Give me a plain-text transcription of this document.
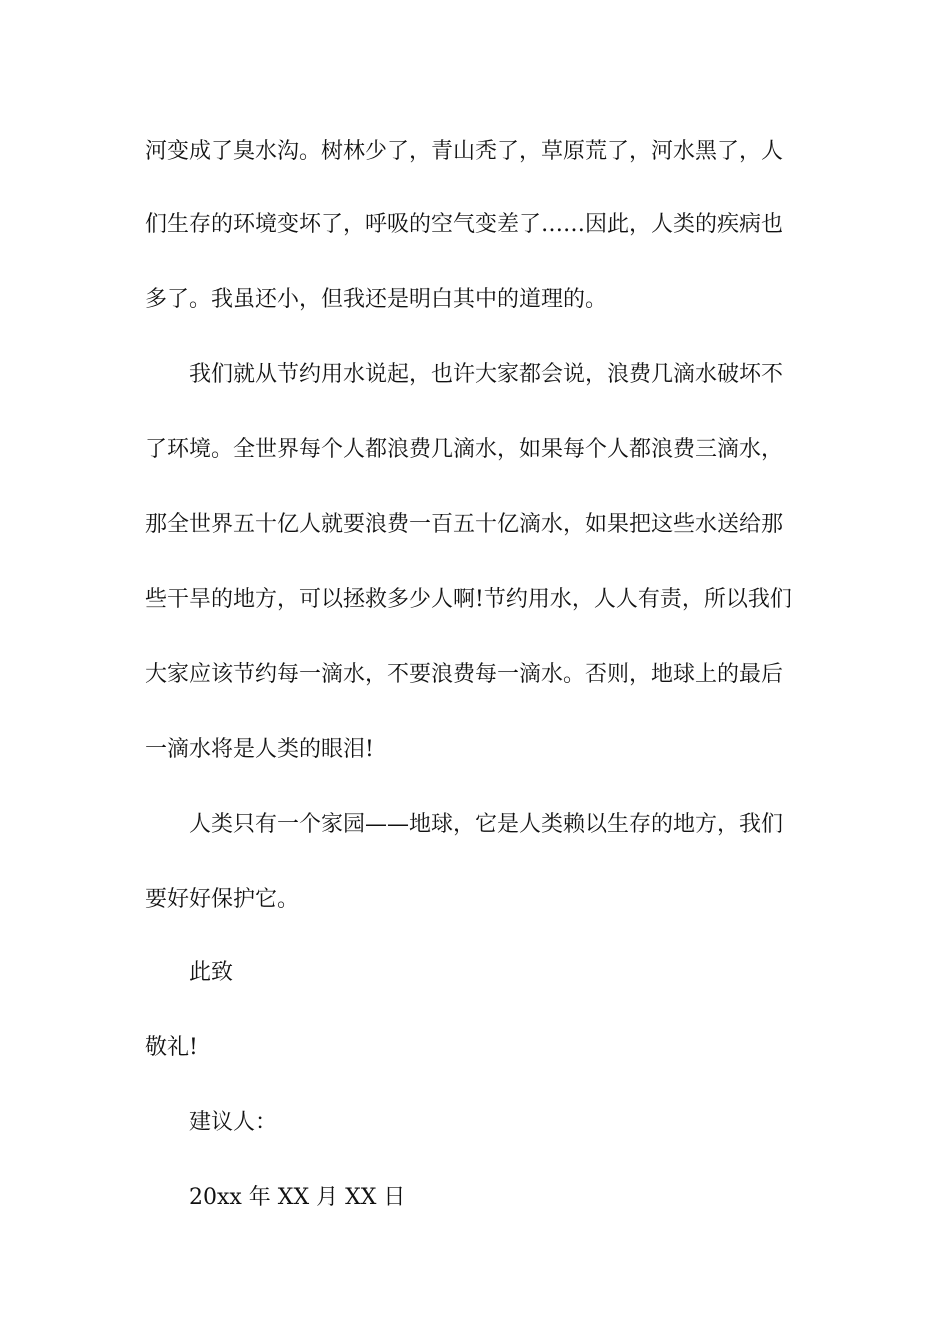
河变成了臭水沟。树林少了，青山秃了，草原荒了，河水黑了，人
们生存的环境变坏了，呼吸的空气变差了……因此，人类的疾病也
多了。我虽还小，但我还是明白其中的道理的。
我们就从节约用水说起，也许大家都会说，浪费几滴水破坏不
了环境。全世界每个人都浪费几滴水，如果每个人都浪费三滴水，
那全世界五十亿人就要浪费一百五十亿滴水，如果把这些水送给那
些干旱的地方，可以拯救多少人啊!节约用水，人人有责，所以我们
大家应该节约每一滴水，不要浪费每一滴水。否则，地球上的最后
一滴水将是人类的眼泪!
人类只有一个家园——地球，它是人类赖以生存的地方，我们
要好好保护它。
此致
敬礼!
建议人：
20xx 年 XX 月 XX 日
